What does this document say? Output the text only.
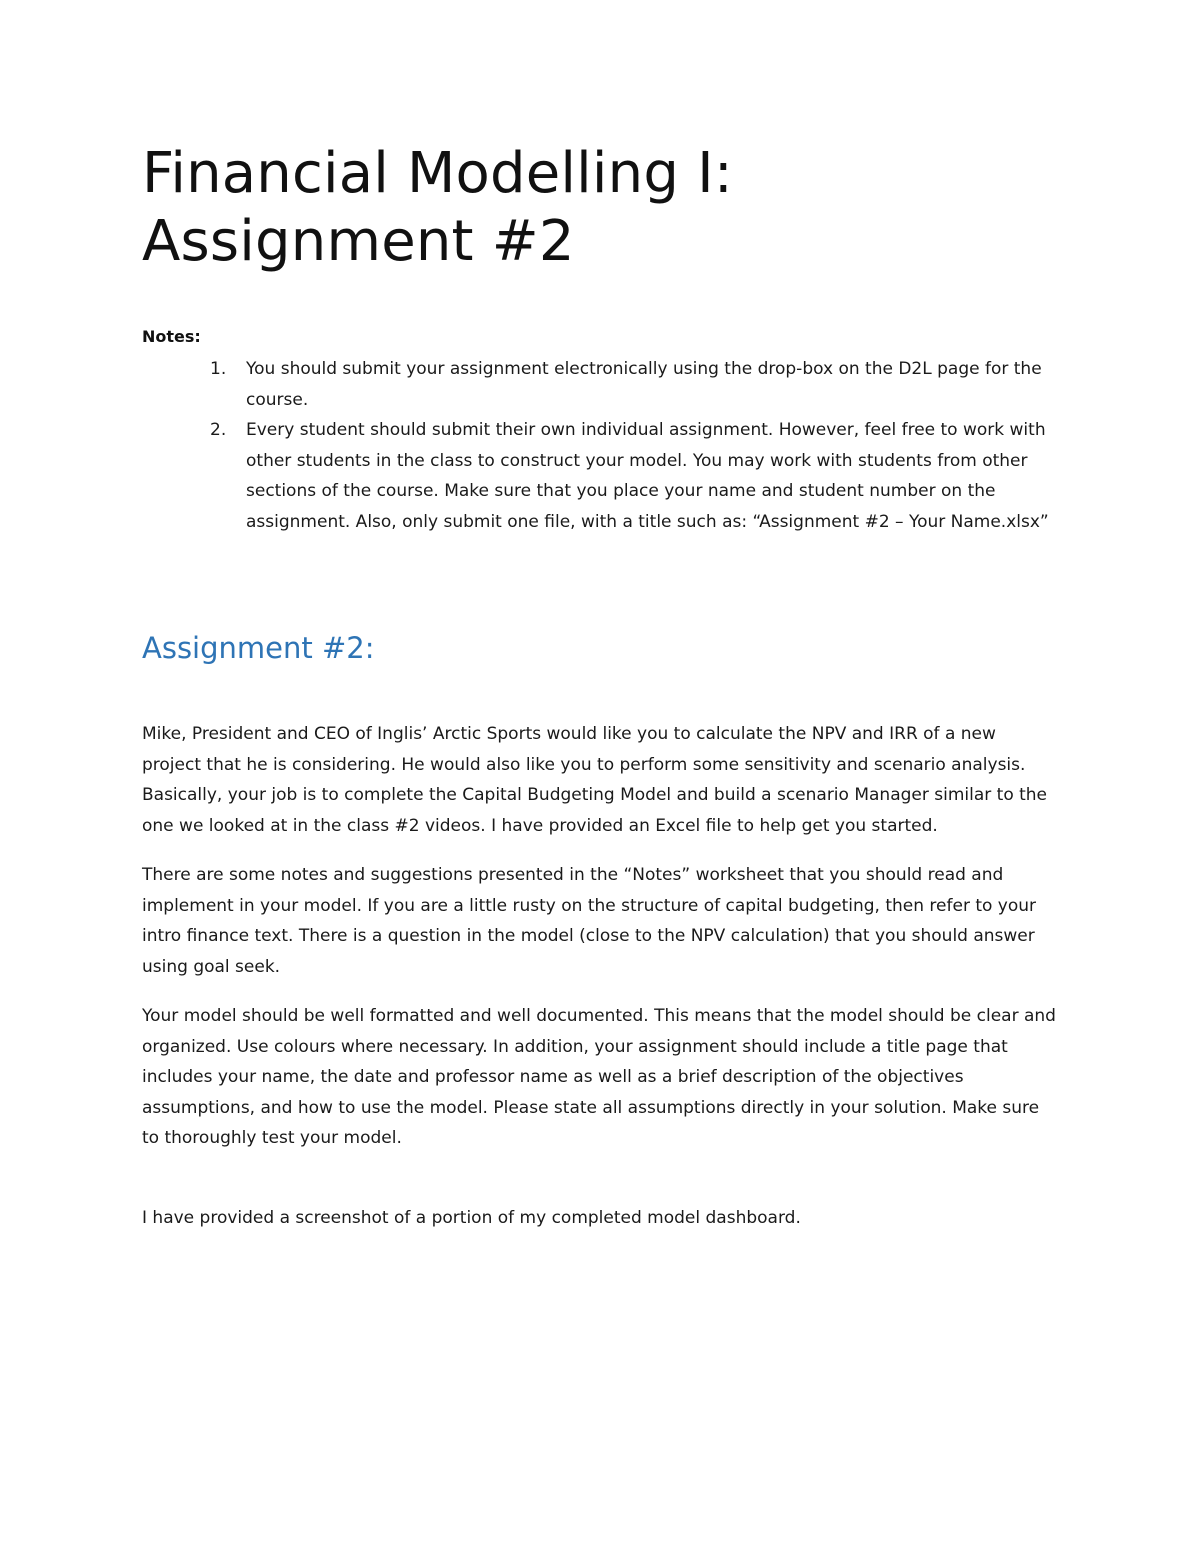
Financial Modelling I: Assignment #2

Notes:

1. You should submit your assignment electronically using the drop-box on the D2L page for the course.
2. Every student should submit their own individual assignment. However, feel free to work with other students in the class to construct your model. You may work with students from other sections of the course. Make sure that you place your name and student number on the assignment. Also, only submit one file, with a title such as: “Assignment #2 – Your Name.xlsx”
Assignment #2:

Mike, President and CEO of Inglis’ Arctic Sports would like you to calculate the NPV and IRR of a new project that he is considering. He would also like you to perform some sensitivity and scenario analysis. Basically, your job is to complete the Capital Budgeting Model and build a scenario Manager similar to the one we looked at in the class #2 videos. I have provided an Excel file to help get you started.

There are some notes and suggestions presented in the “Notes” worksheet that you should read and implement in your model. If you are a little rusty on the structure of capital budgeting, then refer to your intro finance text. There is a question in the model (close to the NPV calculation) that you should answer using goal seek.

Your model should be well formatted and well documented. This means that the model should be clear and organized. Use colours where necessary. In addition, your assignment should include a title page that includes your name, the date and professor name as well as a brief description of the objectives assumptions, and how to use the model. Please state all assumptions directly in your solution. Make sure to thoroughly test your model.

I have provided a screenshot of a portion of my completed model dashboard.
